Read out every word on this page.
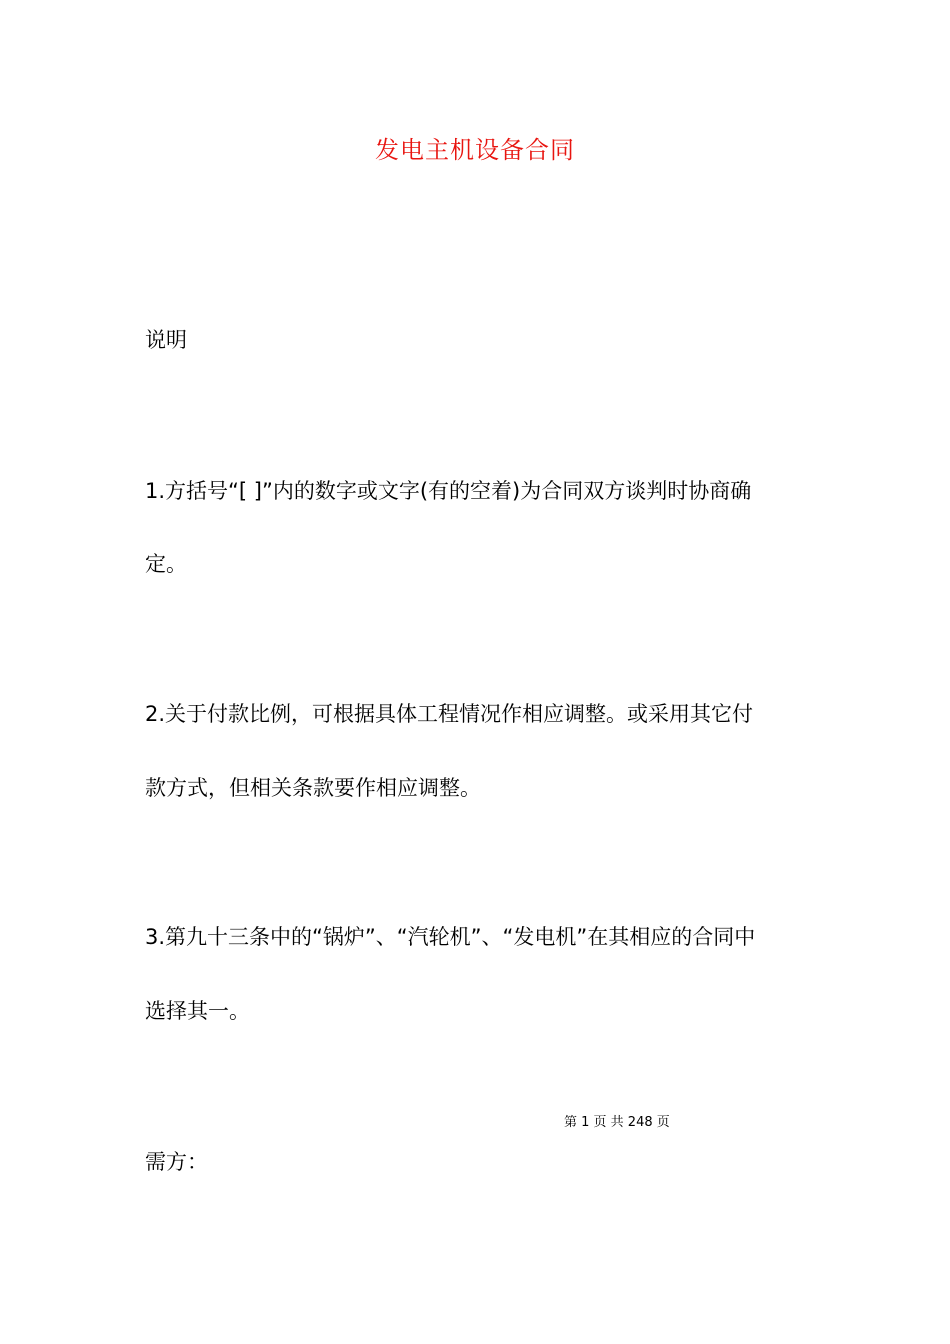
发电主机设备合同
说明
1.方括号“[ ]”内的数字或文字(有的空着)为合同双方谈判时协商确
定。
2.关于付款比例，可根据具体工程情况作相应调整。或采用其它付
款方式，但相关条款要作相应调整。
3.第九十三条中的“锅炉”、“汽轮机”、“发电机”在其相应的合同中
选择其一。
第 1 页 共 248 页
需方：
